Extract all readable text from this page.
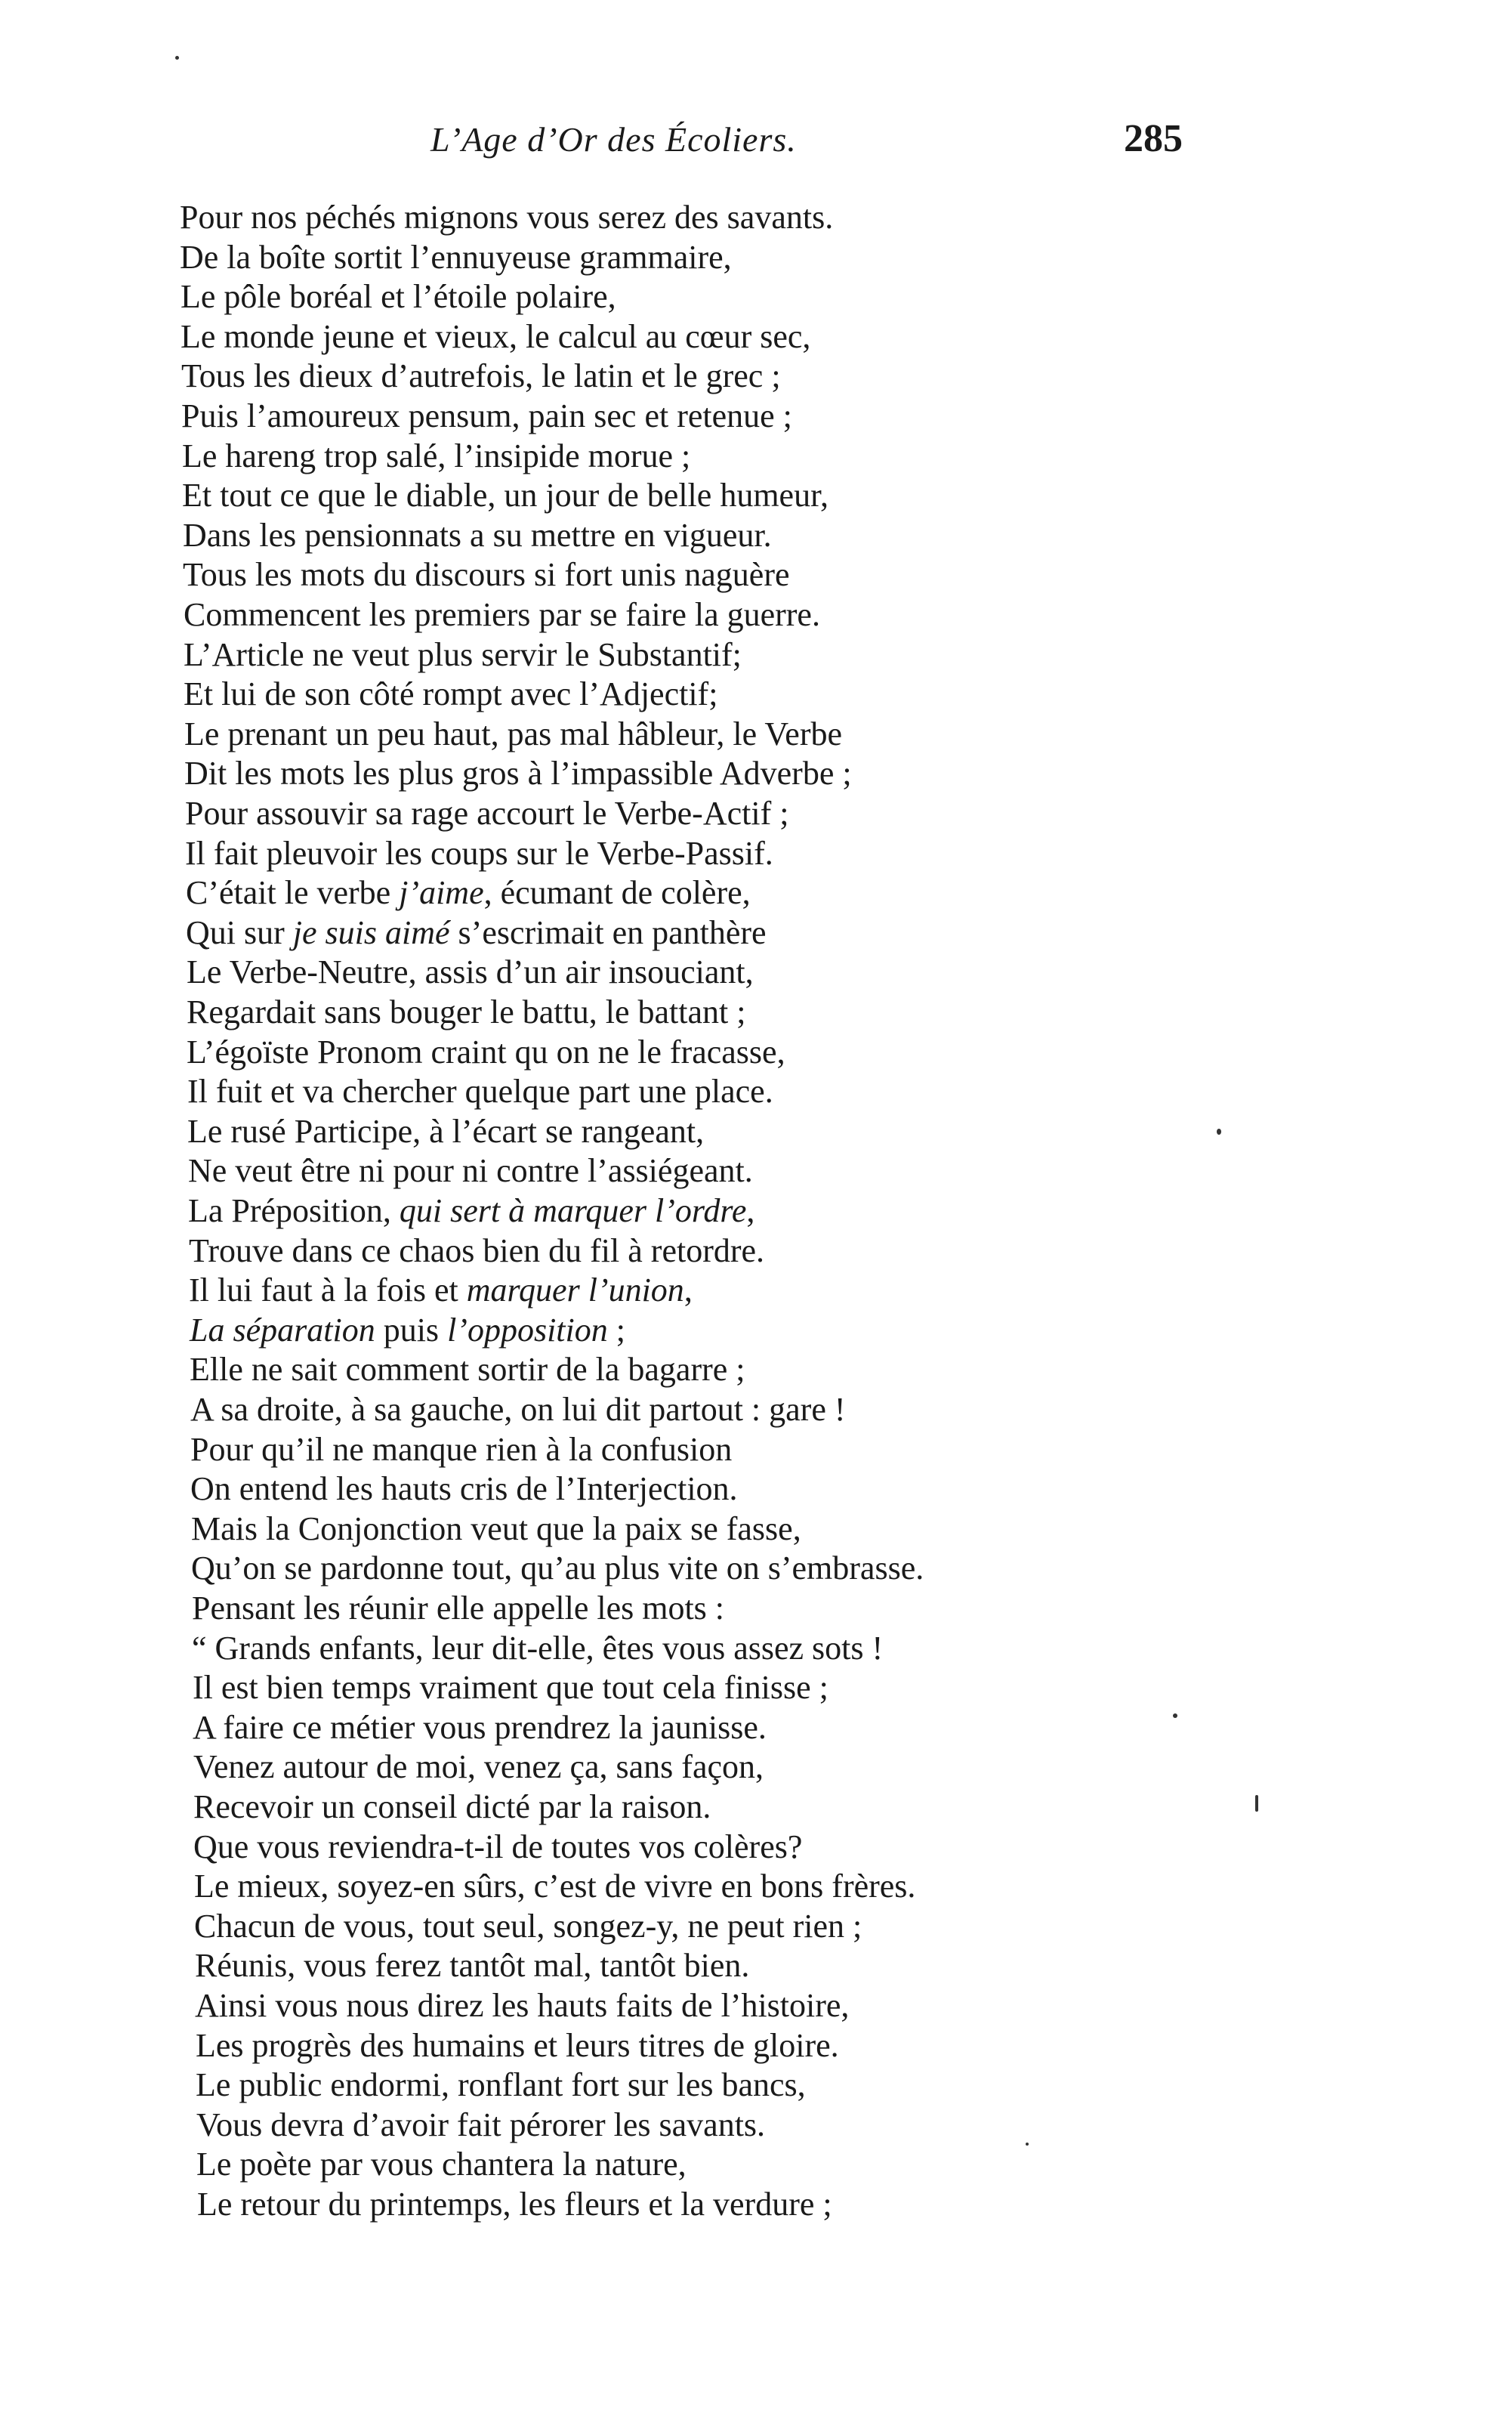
L’Age d’Or des Écoliers.	285
Pour nos péchés mignons vous serez des savants.
De la boîte sortit l’ennuyeuse grammaire,
Le pôle boréal et l’étoile polaire,
Le monde jeune et vieux, le calcul au cœur sec,
Tous les dieux d’autrefois, le latin et le grec ;
Puis l’amoureux pensum, pain sec et retenue ;
Le hareng trop salé, l’insipide morue ;
Et tout ce que le diable, un jour de belle humeur,
Dans les pensionnats a su mettre en vigueur.
Tous les mots du discours si fort unis naguère
Commencent les premiers par se faire la guerre.
L’Article ne veut plus servir le Substantif;
Et lui de son côté rompt avec l’Adjectif;
Le prenant un peu haut, pas mal hâbleur, le Verbe
Dit les mots les plus gros à l’impassible Adverbe ;
Pour assouvir sa rage accourt le Verbe-Actif ;
Il fait pleuvoir les coups sur le Verbe-Passif.
C’était le verbe j’aime, écumant de colère,
Qui sur je suis aimé s’escrimait en panthère
Le Verbe-Neutre, assis d’un air insouciant,
Regardait sans bouger le battu, le battant ;
L’égoïste Pronom craint qu on ne le fracasse,
Il fuit et va chercher quelque part une place.
Le rusé Participe, à l’écart se rangeant,
Ne veut être ni pour ni contre l’assiégeant.
La Préposition, qui sert à marquer l’ordre,
Trouve dans ce chaos bien du fil à retordre.
Il lui faut à la fois et marquer l’union,
La séparation puis l’opposition ;
Elle ne sait comment sortir de la bagarre ;
A sa droite, à sa gauche, on lui dit partout : gare !
Pour qu’il ne manque rien à la confusion
On entend les hauts cris de l’Interjection.
Mais la Conjonction veut que la paix se fasse,
Qu’on se pardonne tout, qu’au plus vite on s’embrasse.
Pensant les réunir elle appelle les mots :
“ Grands enfants, leur dit-elle, êtes vous assez sots !
Il est bien temps vraiment que tout cela finisse ;
A faire ce métier vous prendrez la jaunisse.
Venez autour de moi, venez ça, sans façon,
Recevoir un conseil dicté par la raison.
Que vous reviendra-t-il de toutes vos colères?
Le mieux, soyez-en sûrs, c’est de vivre en bons frères.
Chacun de vous, tout seul, songez-y, ne peut rien ;
Réunis, vous ferez tantôt mal, tantôt bien.
Ainsi vous nous direz les hauts faits de l’histoire,
Les progrès des humains et leurs titres de gloire.
Le public endormi, ronflant fort sur les bancs,
Vous devra d’avoir fait pérorer les savants.
Le poète par vous chantera la nature,
Le retour du printemps, les fleurs et la verdure ;
